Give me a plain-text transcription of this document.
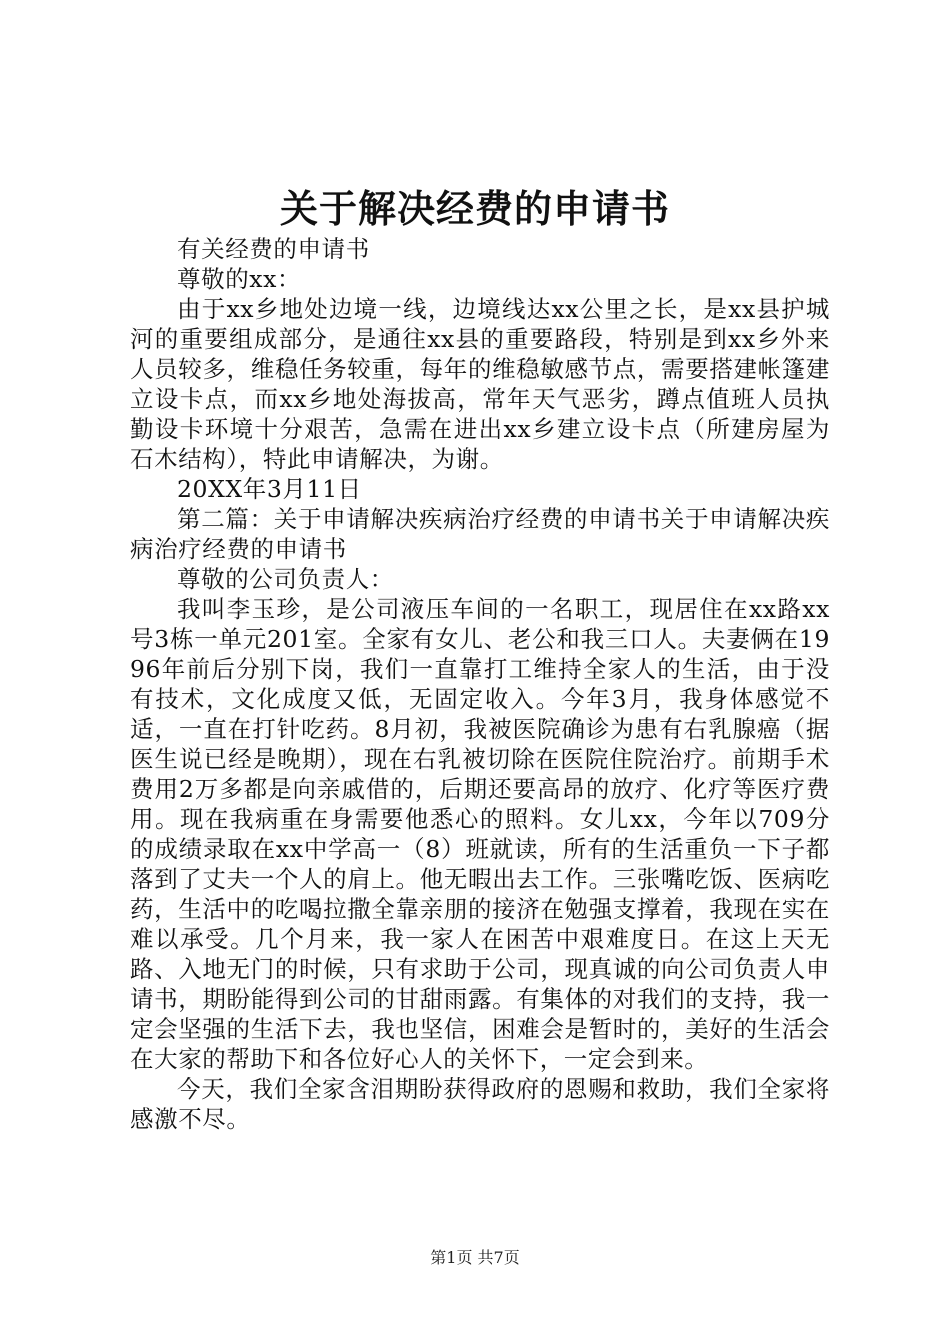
关于解决经费的申请书

有关经费的申请书

尊敬的xx：

由于xx乡地处边境一线，边境线达xx公里之长，是xx县护城河的重要组成部分，是通往xx县的重要路段，特别是到xx乡外来人员较多，维稳任务较重，每年的维稳敏感节点，需要搭建帐篷建立设卡点，而xx乡地处海拔高，常年天气恶劣，蹲点值班人员执勤设卡环境十分艰苦，急需在进出xx乡建立设卡点（所建房屋为石木结构），特此申请解决，为谢。

20XX年3月11日

第二篇：关于申请解决疾病治疗经费的申请书关于申请解决疾病治疗经费的申请书

尊敬的公司负责人：

我叫李玉珍，是公司液压车间的一名职工，现居住在xx路xx号3栋一单元201室。全家有女儿、老公和我三口人。夫妻俩在1996年前后分别下岗，我们一直靠打工维持全家人的生活，由于没有技术，文化成度又低，无固定收入。今年3月，我身体感觉不适，一直在打针吃药。8月初，我被医院确诊为患有右乳腺癌（据医生说已经是晚期），现在右乳被切除在医院住院治疗。前期手术费用2万多都是向亲戚借的，后期还要高昂的放疗、化疗等医疗费用。现在我病重在身需要他悉心的照料。女儿xx，今年以709分的成绩录取在xx中学高一（8）班就读，所有的生活重负一下子都落到了丈夫一个人的肩上。他无暇出去工作。三张嘴吃饭、医病吃药，生活中的吃喝拉撒全靠亲朋的接济在勉强支撑着，我现在实在难以承受。几个月来，我一家人在困苦中艰难度日。在这上天无路、入地无门的时候，只有求助于公司，现真诚的向公司负责人申请书，期盼能得到公司的甘甜雨露。有集体的对我们的支持，我一定会坚强的生活下去，我也坚信，困难会是暂时的，美好的生活会在大家的帮助下和各位好心人的关怀下，一定会到来。

今天，我们全家含泪期盼获得政府的恩赐和救助，我们全家将感激不尽。

第1页 共7页
